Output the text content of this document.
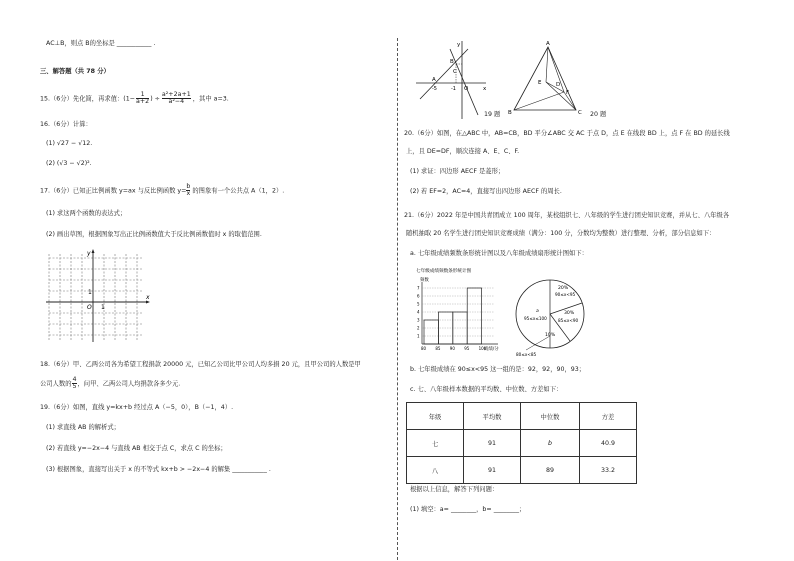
AC⊥B，则点 B的坐标是 ___________ .
三、解答题（共 78 分）
15.（6分）先化简，再求值：($1- \frac{1}{a+2}$ ) ÷ $\frac{\text{a²+2a+1}}{\text{a²−4}}$ ，其中 a=3.
16.（6分）计算：
(1) √27 − √12.
(2) (√3 − √2)².
17.（6分）已知正比例函数 y=ax 与反比例函数 $y= \frac{b}{x}$ 的图象有一个公共点 A（1，2）.
(1) 求这两个函数的表达式；
(2) 画出草图，根据图象写出正比例函数值大于反比例函数值时 x 的取值范围.
y
x
O 1
1
18.（6分）甲、乙两公司各为希望工程捐款 20000 元，已知乙公司比甲公司人均多捐 20 元，且甲公司的人数是甲
公司人数的 $\frac{4}{5}$ ，问甲、乙两公司人均捐款各多少元.
19.（6分）如图，直线 y=kx+b 经过点 A（−5，0），B（−1，4）.
(1) 求直线 AB 的解析式；
(2) 若直线 y=−2x−4 与直线 AB 相交于点 C，求点 C 的坐标；
(3) 根据图象，直接写出关于 x 的不等式 kx+b > −2x−4 的解集 ___________ .
y
B
A
C
O	x
-5	-1
19 题
A
B	C
D
E
F
20 题
20.（6分）如图，在△ABC 中，AB=CB，BD 平分∠ABC 交 AC 于点 D，点 E 在线段 BD 上，点 F 在 BD 的延长线
上，且 DE=DF，顺次连接 A、E、C、F.
(1) 求证：四边形 AECF 是菱形；
(2) 若 EF=2，AC=4，直接写出四边形 AECF 的周长.
21.（6分）2022 年是中国共青团成立 100 周年，某校组织七、八年级的学生进行团史知识竞赛，并从七、八年级各
随机抽取 20 名学生进行团史知识竞赛成绩（满分：100 分，分数均为整数）进行整理、分析，部分信息如下：
a. 七年级成绩频数条形统计图以及八年级成绩扇形统计图如下：
七年级成绩频数条形统计图
频数
1
2
3
4
5
6
7
80 85 90 95 100
成绩/分
20%
90≤x<95
a
95≤x≤100
30%
85≤x<90
10%
80≤x<85
b. 七年级成绩在 90≤x<95 这一组的是：92，92，90，93；
c. 七、八年级样本数据的平均数、中位数、方差如下：
年级	平均数	中位数	方差
七	91	b	40.9
八	91	89	33.2
根据以上信息，解答下列问题：
(1) 填空：a= ________，b= ________；
